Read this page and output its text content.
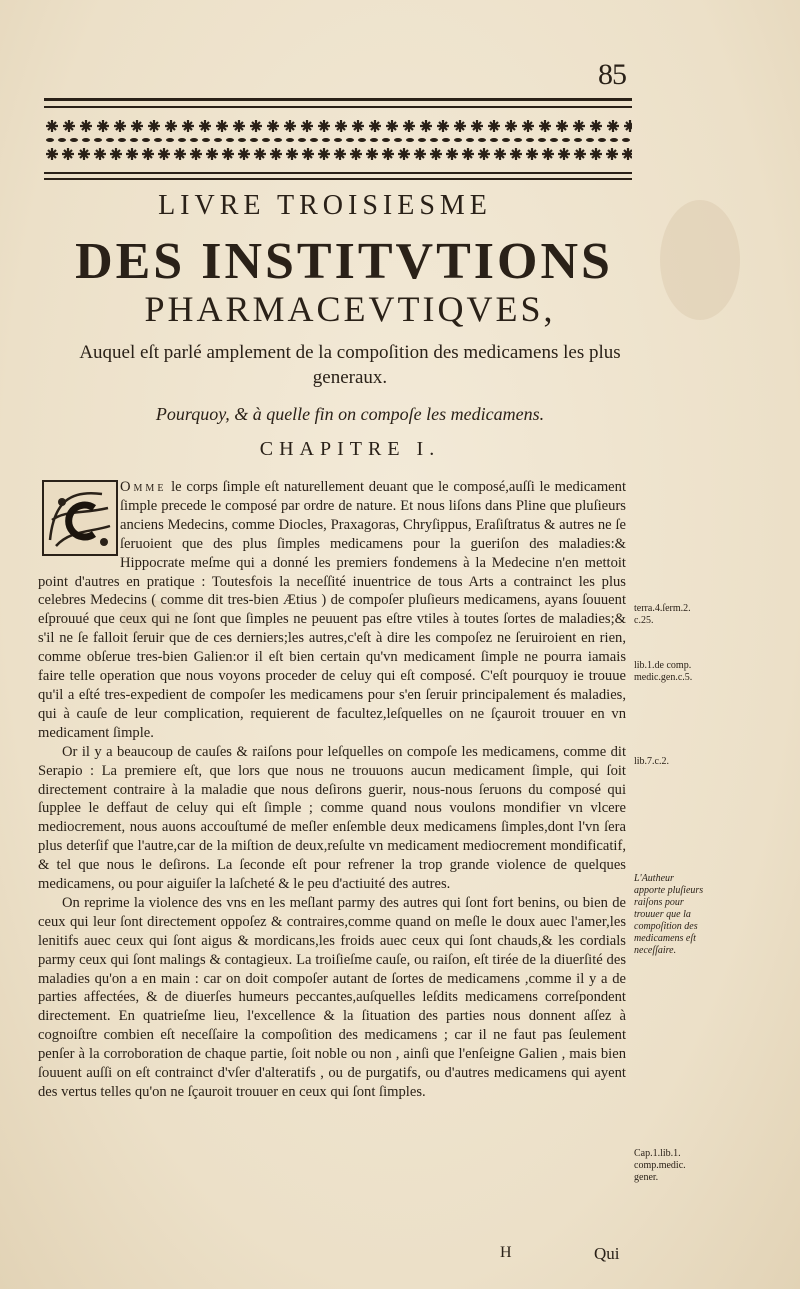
85
LIVRE TROISIESME
DES INSTITVTIONS
PHARMACEVTIQVES,
Auquel eſt parlé amplement de la compoſition des medicamens les plus generaux.
Pourquoy, & à quelle fin on compoſe les medicamens.
CHAPITRE I.

Omme le corps ſimple eſt naturellement deuant que le composé,auſſi le medicament ſimple precede le composé par ordre de nature. Et nous liſons dans Pline que pluſieurs anciens Medecins, comme Diocles, Praxagoras, Chryſippus, Eraſiſtratus & autres ne ſe ſeruoient que des plus ſimples medicamens pour la gueriſon des maladies:& Hippocrate meſme qui a donné les premiers fondemens à la Medecine n'en mettoit point d'autres en pratique : Toutesfois la neceſſité inuentrice de tous Arts a contrainct les plus celebres Medecins ( comme dit tres-bien Ætius ) de compoſer pluſieurs medicamens, ayans ſouuent eſprouué que ceux qui ne ſont que ſimples ne peuuent pas eſtre vtiles à toutes ſortes de maladies;& s'il ne ſe falloit ſeruir que de ces derniers;les autres,c'eſt à dire les compoſez ne ſeruiroient en rien, comme obſerue tres-bien Galien:or il eſt bien certain qu'vn medicament ſimple ne pourra iamais faire telle operation que nous voyons proceder de celuy qui eſt composé. C'eſt pourquoy ie trouue qu'il a eſté tres-expedient de compoſer les medicamens pour s'en ſeruir principalement és maladies, qui à cauſe de leur complication, requierent de facultez,leſquelles on ne ſçauroit trouuer en vn medicament ſimple.

Or il y a beaucoup de cauſes & raiſons pour leſquelles on compoſe les medicamens, comme dit Serapio : La premiere eſt, que lors que nous ne trouuons aucun medicament ſimple, qui ſoit directement contraire à la maladie que nous deſirons guerir, nous-nous ſeruons du composé qui ſupplee le deffaut de celuy qui eſt ſimple ; comme quand nous voulons mondifier vn vlcere mediocrement, nous auons accouſtumé de meſler enſemble deux medicamens ſimples,dont l'vn ſera plus deterſif que l'autre,car de la miſtion de deux,reſulte vn medicament mediocrement mondificatif, & tel que nous le deſirons. La ſeconde eſt pour refrener la trop grande violence de quelques medicamens, ou pour aiguiſer la laſcheté & le peu d'actiuité des autres.

On reprime la violence des vns en les meſlant parmy des autres qui ſont fort benins, ou bien de ceux qui leur ſont directement oppoſez & contraires,comme quand on meſle le doux auec l'amer,les lenitifs auec ceux qui ſont aigus & mordicans,les froids auec ceux qui ſont chauds,& les cordials parmy ceux qui ſont malings & contagieux. La troiſieſme cauſe, ou raiſon, eſt tirée de la diuerſité des maladies qu'on a en main : car on doit compoſer autant de ſortes de medicamens ,comme il y a de parties affectées, & de diuerſes humeurs peccantes,auſquelles leſdits medicamens correſpondent directement. En quatrieſme lieu, l'excellence & la ſituation des parties nous donnent aſſez à cognoiſtre combien eſt neceſſaire la compoſition des medicamens ; car il ne faut pas ſeulement penſer à la corroboration de chaque partie, ſoit noble ou non , ainſi que l'enſeigne Galien , mais bien ſouuent auſſi on eſt contrainct d'vſer d'alteratifs , ou de purgatifs, ou d'autres medicamens qui ayent des vertus telles qu'on ne ſçauroit trouuer en ceux qui ſont ſimples.

terra.4.ſerm.2. c.25.
lib.1.de comp. medic.gen.c.5.
lib.7.c.2.
L'Autheur apporte pluſieurs raiſons pour trouuer que la compoſition des medicamens eſt neceſſaire.
Cap.1.lib.1. comp.medic. gener.
H	Qui
